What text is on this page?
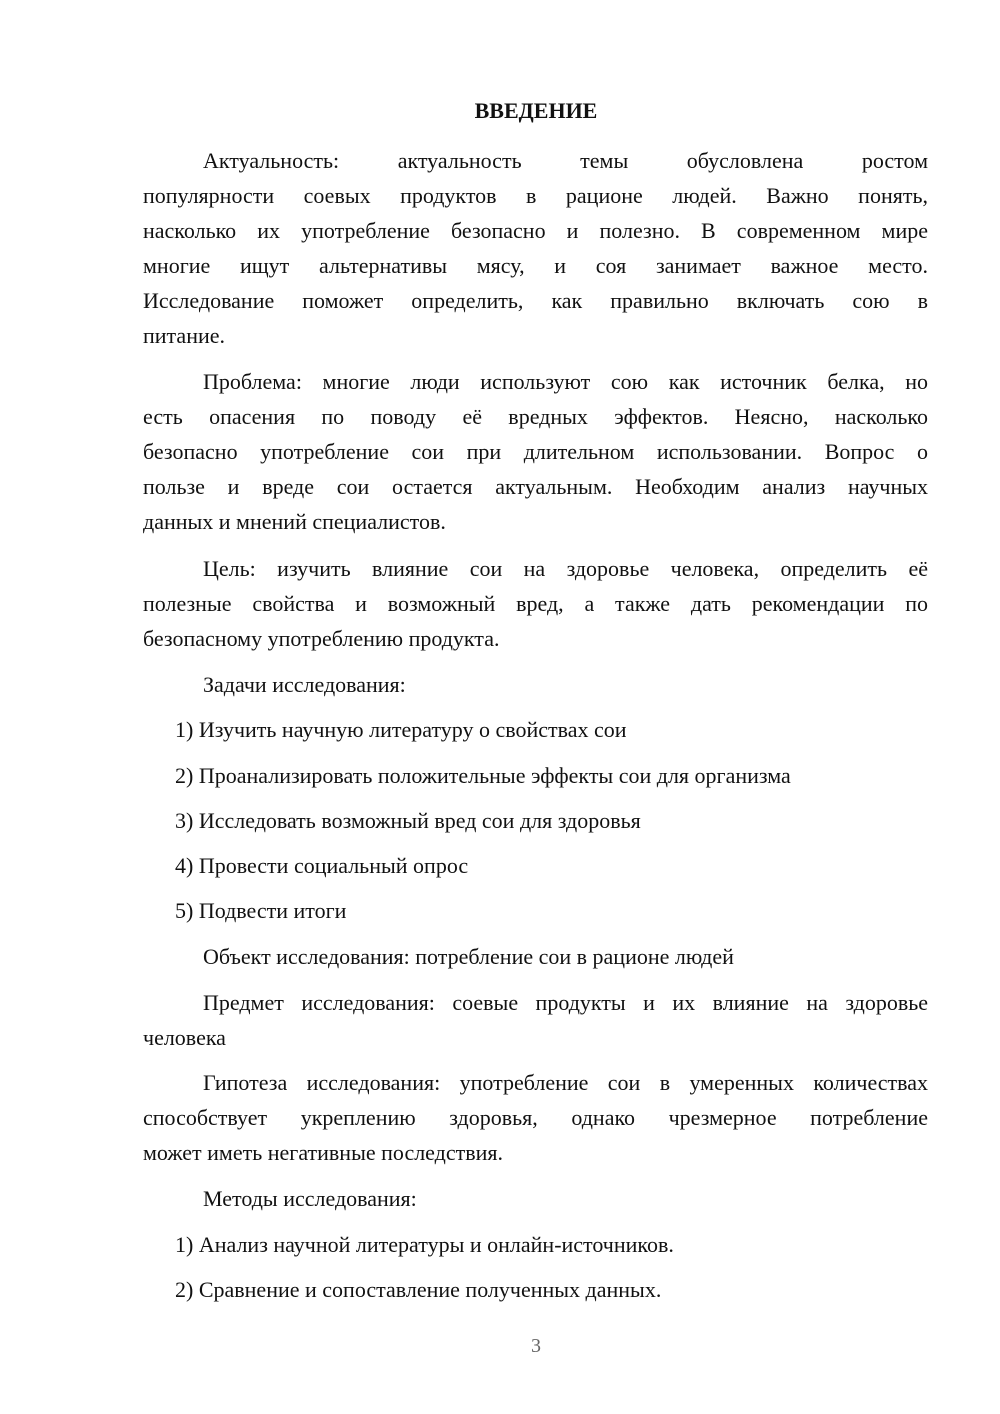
ВВЕДЕНИЕ
Актуальность: актуальность темы обусловлена ростом
популярности соевых продуктов в рационе людей. Важно понять,
насколько их употребление безопасно и полезно. В современном мире
многие ищут альтернативы мясу, и соя занимает важное место.
Исследование поможет определить, как правильно включать сою в
питание.
Проблема: многие люди используют сою как источник белка, но
есть опасения по поводу её вредных эффектов. Неясно, насколько
безопасно употребление сои при длительном использовании. Вопрос о
пользе и вреде сои остается актуальным. Необходим анализ научных
данных и мнений специалистов.
Цель: изучить влияние сои на здоровье человека, определить её
полезные свойства и возможный вред, а также дать рекомендации по
безопасному употреблению продукта.
Задачи исследования:
1) Изучить научную литературу о свойствах сои
2) Проанализировать положительные эффекты сои для организма
3) Исследовать возможный вред сои для здоровья
4) Провести социальный опрос
5) Подвести итоги
Объект исследования: потребление сои в рационе людей
Предмет исследования: соевые продукты и их влияние на здоровье
человека
Гипотеза исследования: употребление сои в умеренных количествах
способствует укреплению здоровья, однако чрезмерное потребление
может иметь негативные последствия.
Методы исследования:
1) Анализ научной литературы и онлайн-источников.
2) Сравнение и сопоставление полученных данных.
3
